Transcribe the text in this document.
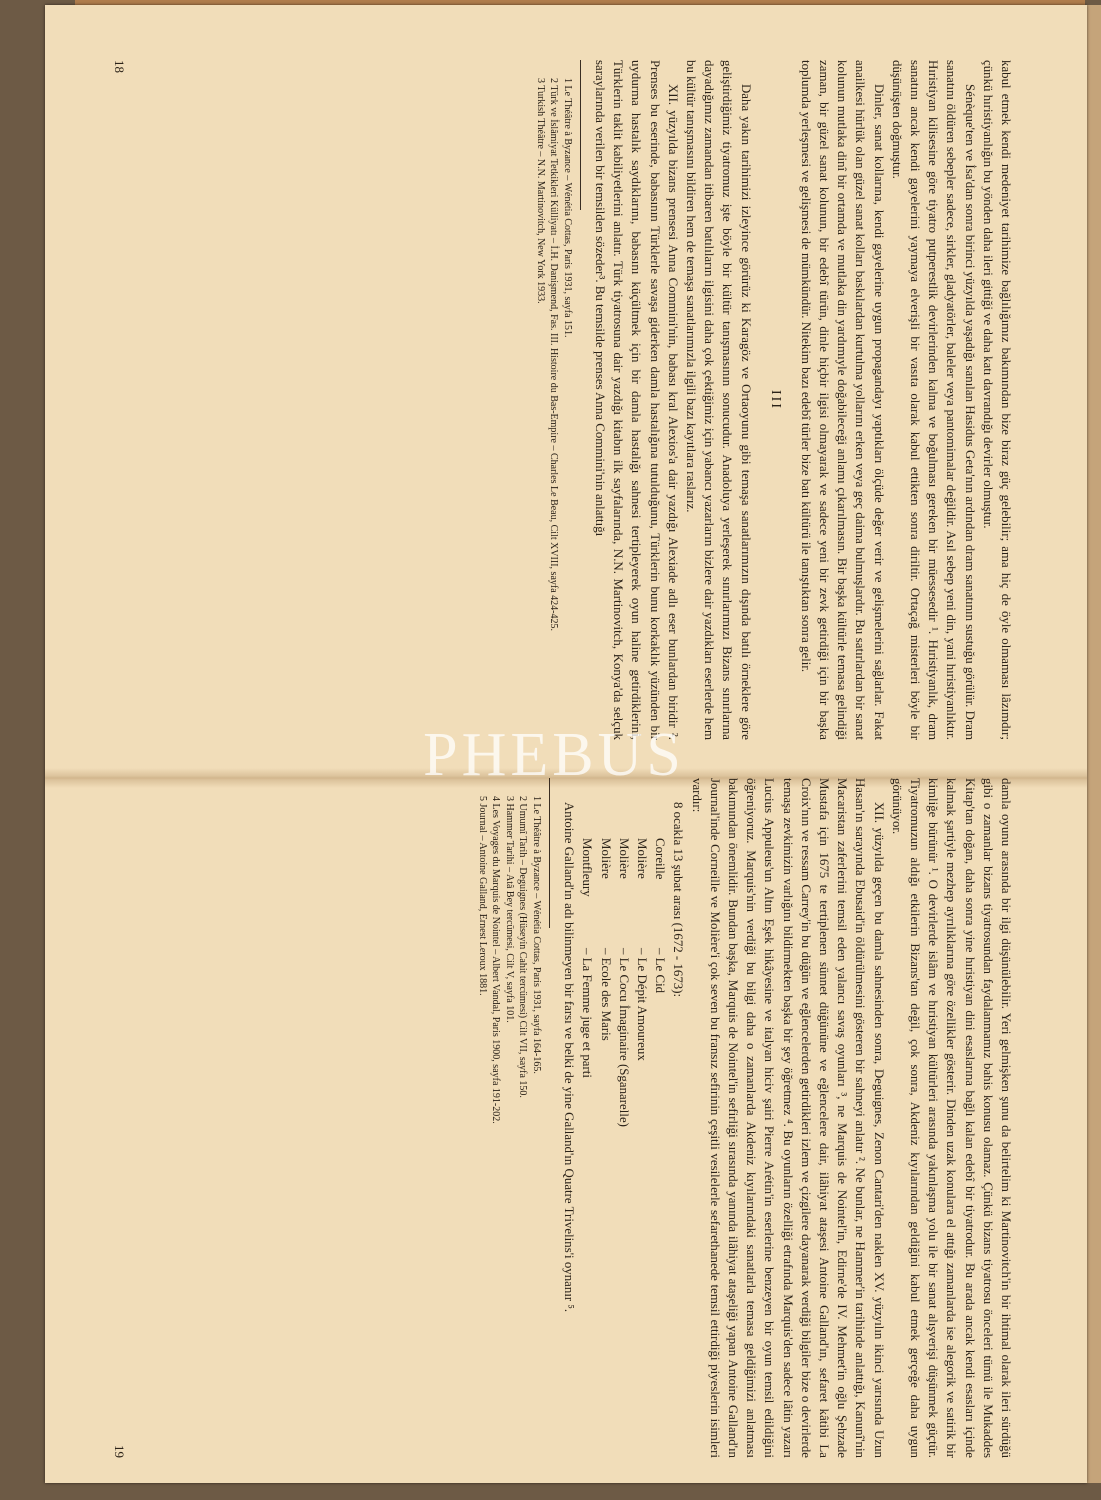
kabul etmek kendi medeniyet tarihimize bağlılığımız bakımından bize biraz güç gelebilir; ama hiç de öyle olmaması lâzımdır; çünkü hıristiyanlığın bu yönden daha ileri gittiği ve daha katı davrandığı devirler olmuştur.

Sénèque'ten ve İsa'dan sonra birinci yüzyılda yaşadığı sanılan Hasidus Geta'nın ardından dram sanatının sustuğu görülür. Dram sanatını öldüren sebepler sadece, sirkler, gladyatörler, baleler veya pantomimalar değildir. Asıl sebep yeni din, yani hıristiyanlıktır. Hıristiyan kilisesine göre tiyatro putperestlik devirlerinden kalma ve boğulması gereken bir müessesedir ¹. Hıristiyanlık, dram sanatını ancak kendi gayelerini yaymaya elverişli bir vasıta olarak kabul ettikten sonra diriltir. Ortaçağ misterleri böyle bir düşünüşten doğmuştur.

Dinler, sanat kollarına, kendi gayelerine uygun propagandayı yaptıkları ölçüde değer verir ve gelişmelerini sağlarlar. Fakat anailkesi hürlük olan güzel sanat kolları baskılardan kurtulma yollarını erken veya geç daima bulmuşlardır. Bu satırlardan bir sanat kolunun mutlaka dinî bir ortamda ve mutlaka din yardımıyle doğabileceği anlamı çıkarılmasın. Bir başka kültürle temasa gelindiği zaman, bir güzel sanat kolunun, bir edebî türün, dinle hiçbir ilgisi olmayarak ve sadece yeni bir zevk getirdiği için bir başka toplumda yerleşmesi ve gelişmesi de mümkündür. Nitekim bazı edebî türler bize batı kültürü ile tanıştıktan sonra gelir.

III

Daha yakın tarihimizi izleyince görürüz ki Karagöz ve Ortaoyunu gibi temaşa sanatlarımızın dışında batılı örneklere göre geliştirdiğimiz tiyatromuz işte böyle bir kültür tanışmasının sonucudur. Anadoluya yerleşerek sınırlarımızı Bizans sınırlarına dayadığımız zamandan itibaren batılıların ilgisini daha çok çektiğimiz için yabancı yazarların bizlere dair yazdıkları eserlerde hem bu kültür tanışmasını bildiren hem de temaşa sanatlarımızla ilgili bazı kayıtlara raslarız.

XII. yüzyılda bizans prensesi Anna Commini'nin, babası kral Alexios'a dair yazdığı Alexiade adlı eser bunlardan biridir ². Prenses bu eserinde, babasının Türklerle savaşa giderken damla hastalığına tutulduğunu, Türklerin bunu korkaklık yüzünden bir uydurma hastalık saydıklarını, babasını küçültmek için bir damla hastalığı sahnesi tertipleyerek oyun haline getirdiklerini, Türklerin taklit kabiliyetlerini anlatır. Türk tiyatrosuna dair yazdığı kitabın ilk sayfalarında, N.N. Martinovitch, Konya'da selçuk saraylarında verilen bir temsilden sözeder³. Bu temsilde prenses Anna Commini'nin anlattığı

1 Le Théâtre à Byzance – Wénétia Cottas, Paris 1931, sayfa 151.

2 Türk ve İslâmiyat Tetkikleri Külliyatı – İ.H. Danişmend, Fas. III. Histoire du Bas-Empire – Charles Le Beau, Cilt XVIII, sayfa 424-425.

3 Turkish Théâtre – N.N. Martinovitch, New York 1933.

18

damla oyunu arasında bir ilgi düşünülebilir. Yeri gelmişken şunu da belirtelim ki Martinovitch'in bir ihtimal olarak ileri sürdüğü gibi o zamanlar bizans tiyatrosundan faydalanmamız bahis konusu olamaz. Çünkü bizans tiyatrosu önceleri tümü ile Mukaddes Kitap'tan doğan, daha sonra yine hıristiyan dini esaslarına bağlı kalan edebî bir tiyatrodur. Bu arada ancak kendi esasları içinde kalmak şartiyle mezhep ayrılıklarına göre özellikler gösterir. Dinden uzak konulara el attığı zamanlarda ise alegorik ve satirik bir kimliğe bürünür ¹. O devirlerde islâm ve hıristiyan kültürleri arasında yakınlaşma yolu ile bir sanat alışverişi düşünmek güçtür. Tiyatromuzun aldığı etkilerin Bizans'tan değil, çok sonra, Akdeniz kıyılarından geldiğini kabul etmek gerçeğe daha uygun görünüyor.

XII. yüzyılda geçen bu damla sahnesinden sonra, Deguignes, Zenon Cantari'den naklen XV. yüzyılın ikinci yarısında Uzun Hasan'ın sarayında Ebusaid'in öldürülmesini gösteren bir sahneyi anlatır ². Ne bunlar, ne Hammer'in tarihinde anlattığı, Kanunî'nin Macaristan zaferlerini temsil eden yalancı savaş oyunları ³, ne Marquis de Nointel'in, Edirne'de IV. Mehmet'in oğlu Şehzade Mustafa için 1675 te tertiplenen sünnet düğününe ve eğlencelere dair, ilâhiyat ataşesi Antoine Galland'ın, sefaret kâtibi La Croix'nın ve ressam Carrey'in bu düğün ve eğlencelerden getirdikleri izlem ve çizgilere dayanarak verdiği bilgiler bize o devirlerde temaşa zevkimizin varlığını bildirmekten başka bir şey öğretmez ⁴. Bu oyunların özelliği etrafında Marquis'den sadece lâtin yazarı Lucius Appuleus'un Altın Eşek hikâyesine ve italyan hiciv şairi Pierre Arétin'in eserlerine benzeyen bir oyun temsil edildiğini öğreniyoruz. Marquis'nin verdiği bu bilgi daha o zamanlarda Akdeniz kıyılarındaki sanatlarla temasa geldiğimizi anlatması bakımından önemlidir. Bundan başka, Marquis de Nointel'in sefirliği sırasında yanında ilâhiyat ataşeliği yapan Antoine Galland'ın Journal'inde Corneille ve Molière'i çok seven bu fransız sefirinin çeşitli vesilelerle sefarethanede temsil ettirdiği piyeslerin isimleri vardır:

8 ocakla 13 şubat arası (1672 - 1673):

Coreille
– Le Cid
Molière
– Le Dépit Amoureux
Molière
– Le Cocu İmaginaire (Sganarelle)
Molière
– Ecole des Maris
Montfleury
– La Femme juge et parti

Antoine Galland'ın adı bilinmeyen bir farsı ve belki de yine Galland'ın Quatre Trivelins'i oynanır ⁵.

1 Le Théâtre à Byzance – Wénétia Cottas, Paris 1931, sayfa 164-165.

2 Umumî Tarih – Deguignes (Hüseyin Cahit tercümesi) Cilt VII, sayfa 150.

3 Hammer Tarihi – Atâ Bey tercümesi, Cilt V, sayfa 101.

4 Les Voyages du Marquis de Nointel – Albert Vandal, Paris 1900, sayfa 191-202.

5 Journal – Antoine Galland, Ernest Leroux 1881.

19
PHEBUS
